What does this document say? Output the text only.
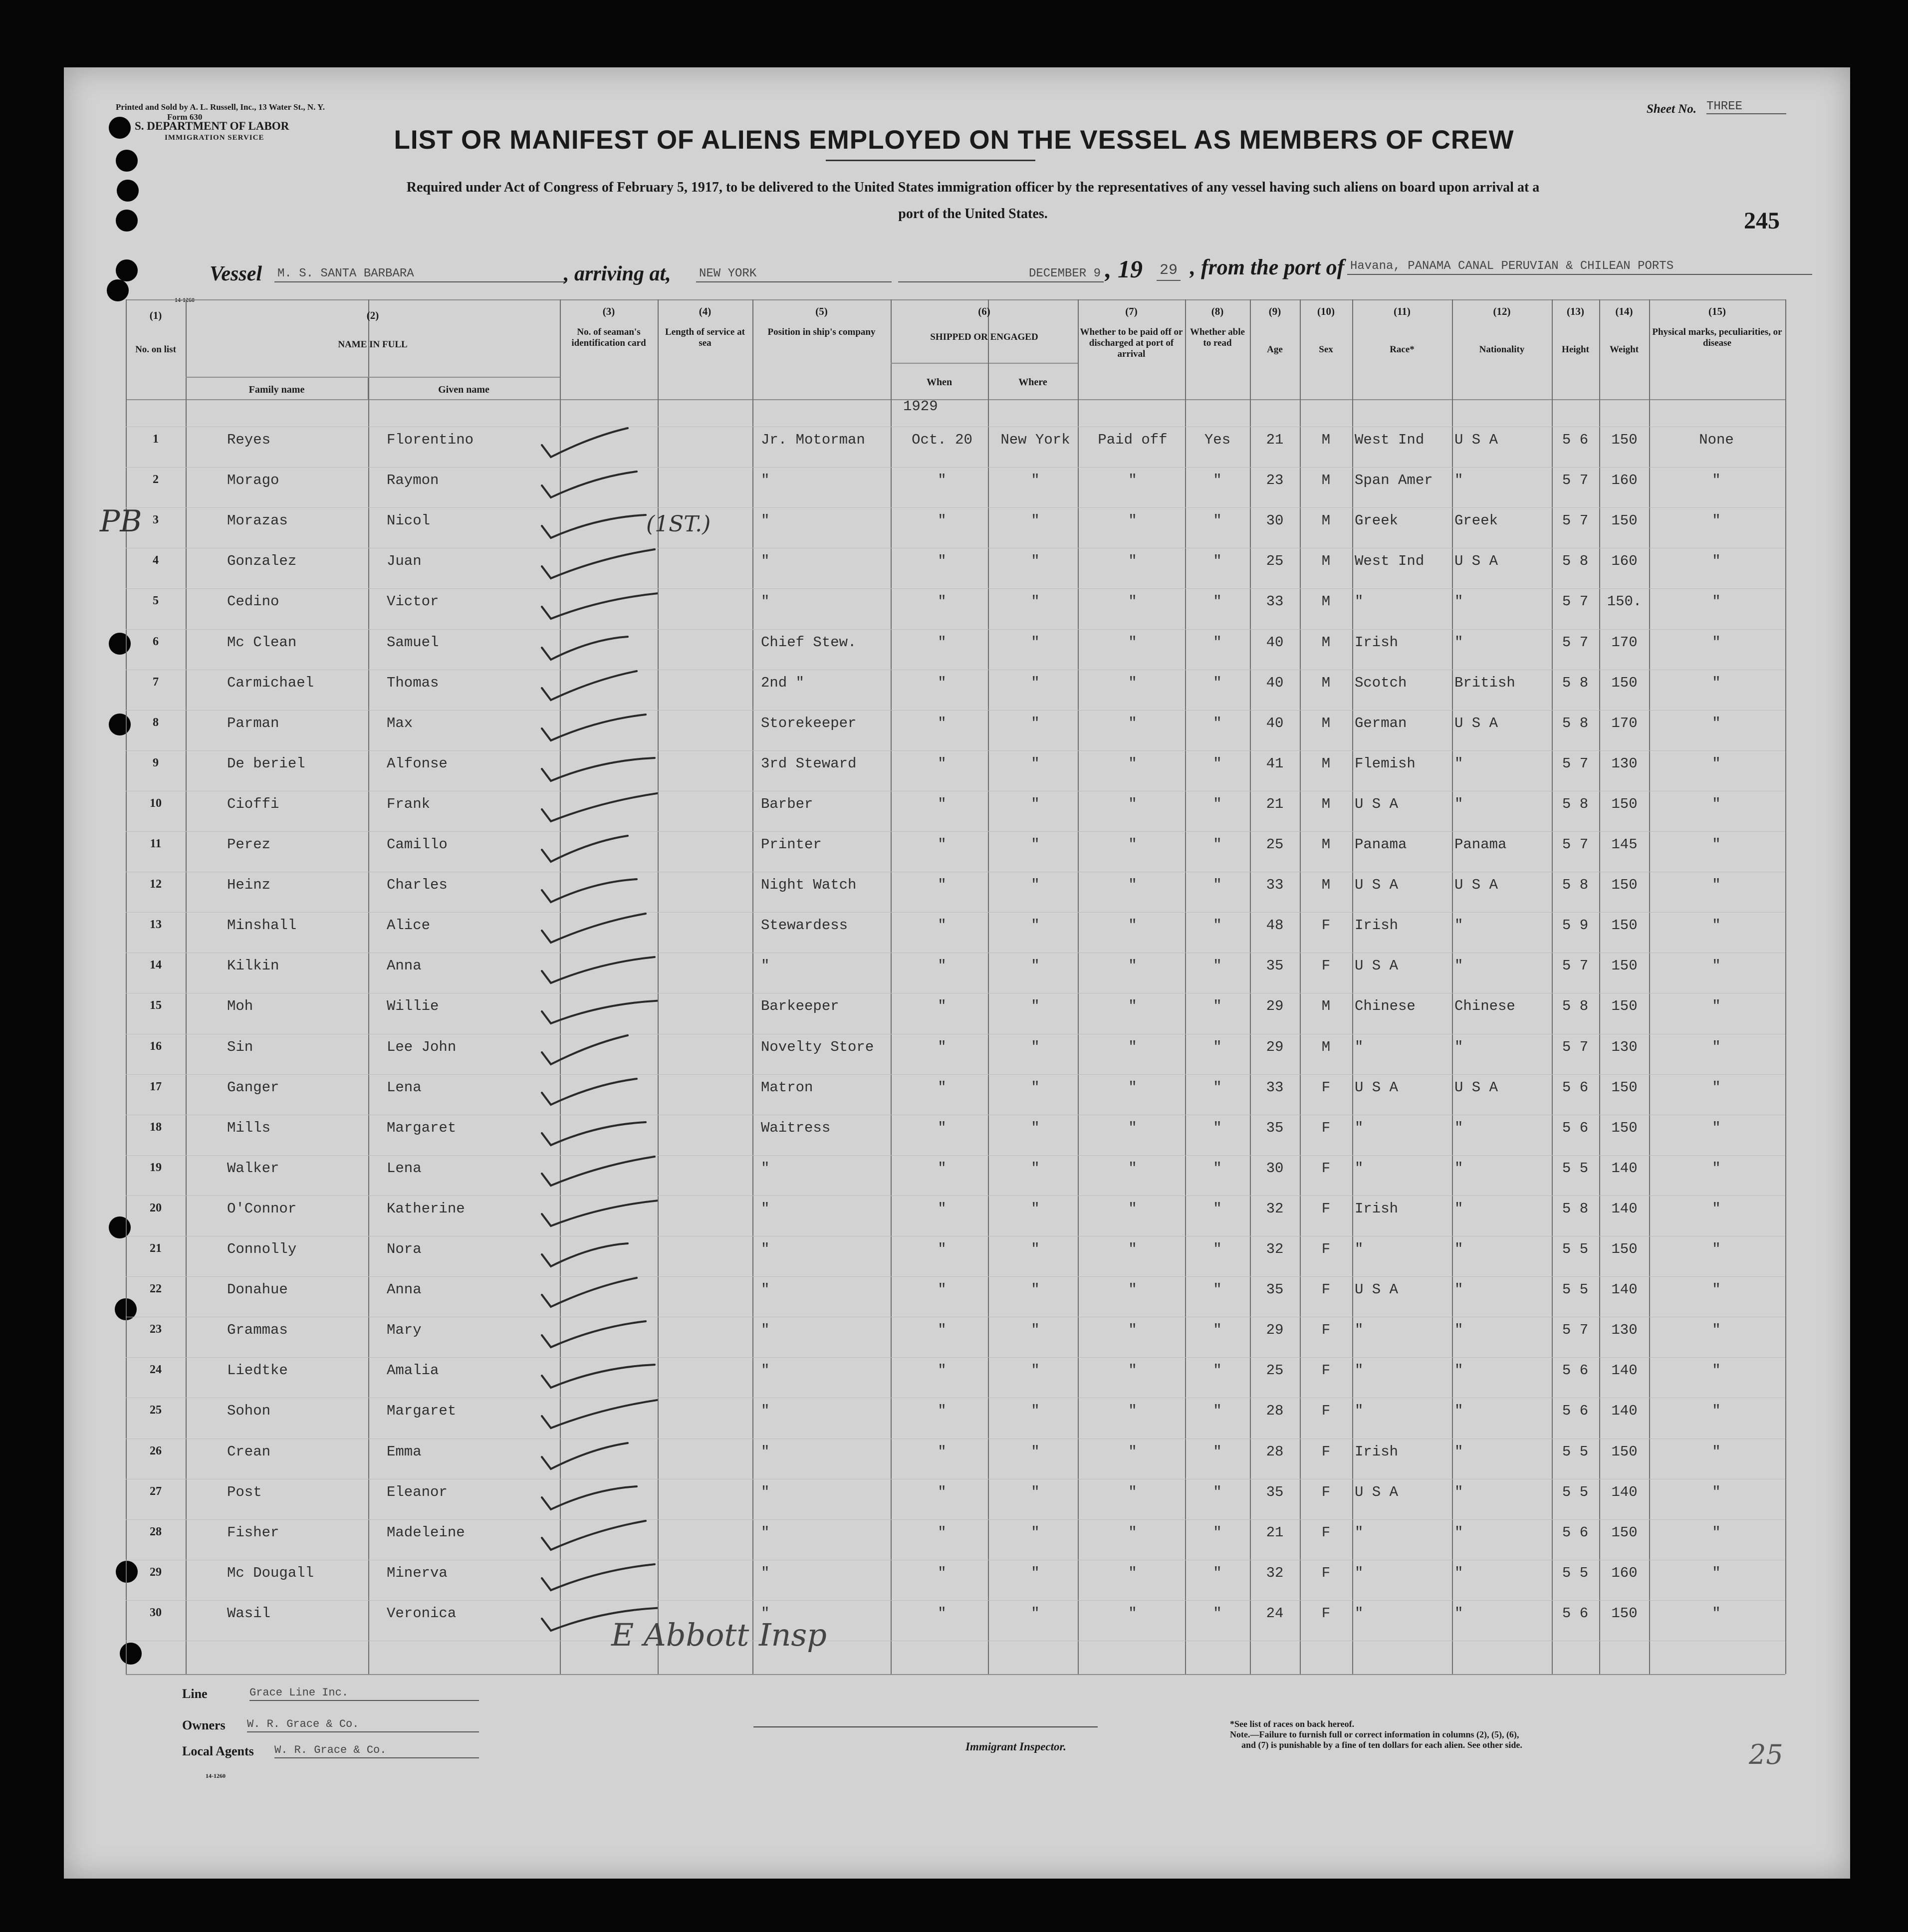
Printed and Sold by A. L. Russell, Inc., 13 Water St., N. Y.
Form 630
S. DEPARTMENT OF LABOR
IMMIGRATION SERVICE
Sheet No. THREE
LIST OR MANIFEST OF ALIENS EMPLOYED ON THE VESSEL AS MEMBERS OF CREW
Required under Act of Congress of February 5, 1917, to be delivered to the United States immigration officer by the representatives of any vessel having such aliens on board upon arrival at a
port of the United States.	245
Vessel M. S. SANTA BARBARA	, arriving at, NEW YORK	DECEMBER 9 , 19 29 , from the port of Havana, PANAMA CANAL PERUVIAN & CHILEAN PORTS
(1)
No. on list
(2)
NAME IN FULL
Family name	Given name
(3)
No. of seaman's identification card
(4)
Length of service at sea
(5)
Position in ship's company
(6)
SHIPPED OR ENGAGED
When	Where
(7)
Whether to be paid off or discharged at port of arrival
(8)
Whether able to read
(9)
Age
(10)
Sex
(11)
Race*
(12)
Nationality
(13)
Height
(14)
Weight
(15)
Physical marks, peculiarities, or disease
1929
1	Reyes	Florentino	Jr. Motorman	Oct. 20	New York	Paid off	Yes	21	M	West Ind	U S A	5 6	150	None
2	Morago	Raymon	"	"	"	"	"	23	M	Span Amer	"	5 7	160	"
3	Morazas	Nicol	"	"	"	"	"	30	M	Greek	Greek	5 7	150	"
4	Gonzalez	Juan	"	"	"	"	"	25	M	West Ind	U S A	5 8	160	"
5	Cedino	Victor	"	"	"	"	"	33	M	"	"	5 7	150.	"
6	Mc Clean	Samuel	Chief Stew.	"	"	"	"	40	M	Irish	"	5 7	170	"
7	Carmichael	Thomas	2nd "	"	"	"	"	40	M	Scotch	British	5 8	150	"
8	Parman	Max	Storekeeper	"	"	"	"	40	M	German	U S A	5 8	170	"
9	De beriel	Alfonse	3rd Steward	"	"	"	"	41	M	Flemish	"	5 7	130	"
10	Cioffi	Frank	Barber	"	"	"	"	21	M	U S A	"	5 8	150	"
11	Perez	Camillo	Printer	"	"	"	"	25	M	Panama	Panama	5 7	145	"
12	Heinz	Charles	Night Watch	"	"	"	"	33	M	U S A	U S A	5 8	150	"
13	Minshall	Alice	Stewardess	"	"	"	"	48	F	Irish	"	5 9	150	"
14	Kilkin	Anna	"	"	"	"	"	35	F	U S A	"	5 7	150	"
15	Moh	Willie	Barkeeper	"	"	"	"	29	M	Chinese	Chinese	5 8	150	"
16	Sin	Lee John	Novelty Store	"	"	"	"	29	M	"	"	5 7	130	"
17	Ganger	Lena	Matron	"	"	"	"	33	F	U S A	U S A	5 6	150	"
18	Mills	Margaret	Waitress	"	"	"	"	35	F	"	"	5 6	150	"
19	Walker	Lena	"	"	"	"	"	30	F	"	"	5 5	140	"
20	O'Connor	Katherine	"	"	"	"	"	32	F	Irish	"	5 8	140	"
21	Connolly	Nora	"	"	"	"	"	32	F	"	"	5 5	150	"
22	Donahue	Anna	"	"	"	"	"	35	F	U S A	"	5 5	140	"
23	Grammas	Mary	"	"	"	"	"	29	F	"	"	5 7	130	"
24	Liedtke	Amalia	"	"	"	"	"	25	F	"	"	5 6	140	"
25	Sohon	Margaret	"	"	"	"	"	28	F	"	"	5 6	140	"
26	Crean	Emma	"	"	"	"	"	28	F	Irish	"	5 5	150	"
27	Post	Eleanor	"	"	"	"	"	35	F	U S A	"	5 5	140	"
28	Fisher	Madeleine	"	"	"	"	"	21	F	"	"	5 6	150	"
29	Mc Dougall	Minerva	"	"	"	"	"	32	F	"	"	5 5	160	"
30	Wasil	Veronica	"	"	"	"	"	24	F	"	"	5 6	150	"
PB	(1ST.)
E Abbott Insp
25
Line	Grace Line Inc.
Owners W. R. Grace & Co.
Local Agents W. R. Grace & Co.
14-1260
Immigrant Inspector.
*See list of races on back hereof.
Note.—Failure to furnish full or correct information in columns (2), (5), (6),
and (7) is punishable by a fine of ten dollars for each alien. See other side.
